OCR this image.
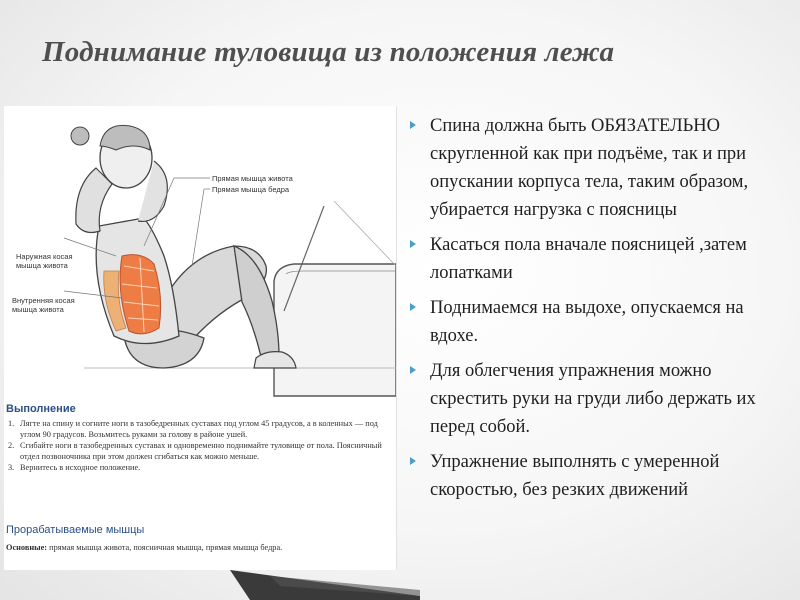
Поднимание туловища из положения лежа
Прямая мышца живота
Прямая мышца бедра
Наружная косая
мышца живота
Внутренняя косая
мышца живота
Выполнение
1. Лягте на спину и согните ноги в тазобедренных суставах под углом 45 градусов, а в коленных — под углом 90 градусов. Возьмитесь руками за голову в районе ушей.
2. Сгибайте ноги в тазобедренных суставах и одновременно поднимайте туловище от пола. Поясничный отдел позвоночника при этом должен сгибаться как можно меньше.
3. Вернитесь в исходное положение.
Прорабатываемые мышцы
Основные: прямая мышца живота, поясничная мышца, прямая мышца бедра.
Спина должна быть ОБЯЗАТЕЛЬНО скругленной как при подъёме, так и при опускании корпуса тела, таким образом, убирается нагрузка с поясницы
Касаться пола вначале поясницей ,затем лопатками
Поднимаемся на выдохе, опускаемся на вдохе.
Для облегчения упражнения можно скрестить руки на груди либо держать их перед собой.
Упражнение выполнять с умеренной скоростью, без резких движений
